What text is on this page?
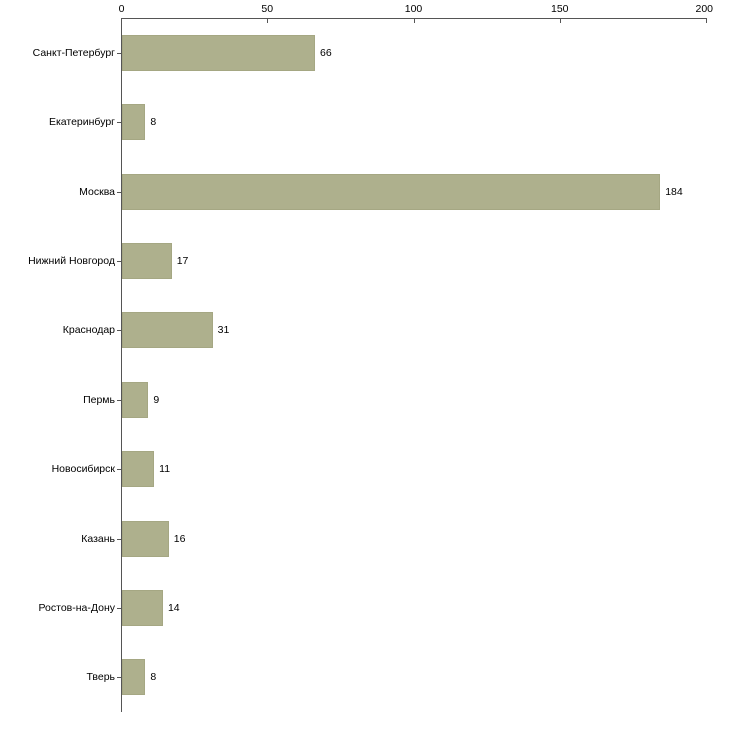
0	50	100	150	200
66
Санкт-Петербург
8
Екатеринбург
184
Москва
17
Нижний Новгород
31
Краснодар
9
Пермь
11
Новосибирск
16
Казань
14
Ростов-на-Дону
8
Тверь
